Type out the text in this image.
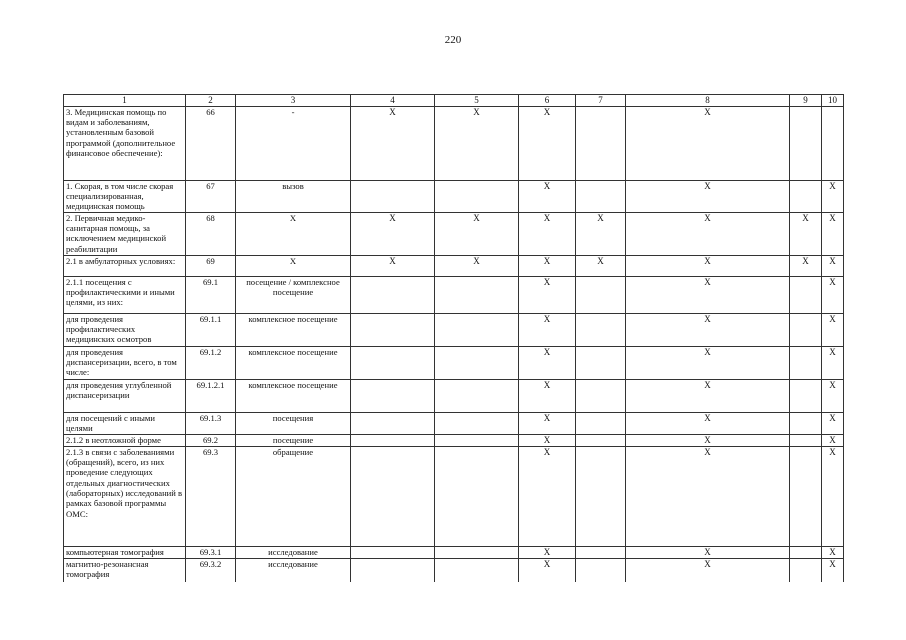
220
1	2	3	4	5	6	7	8	9	10
3. Медицинская помощь по видам и заболеваниям, установленным базовой программой (дополнительное финансовое обеспечение):	66	-	X	X	X		X		
1. Скорая, в том числе скорая специализированная, медицинская помощь	67	вызов			X		X		X
2. Первичная медико-санитарная помощь, за исключением медицинской реабилитации	68	X	X	X	X	X	X	X	X
2.1 в амбулаторных условиях:	69	X	X	X	X	X	X	X	X
2.1.1 посещения с профилактическими и иными целями, из них:	69.1	посещение / комплексное посещение			X		X		X
для проведения профилактических медицинских осмотров	69.1.1	комплексное посещение			X		X		X
для проведения диспансеризации, всего, в том числе:	69.1.2	комплексное посещение			X		X		X
для проведения углубленной диспансеризации	69.1.2.1	комплексное посещение			X		X		X
для посещений с иными целями	69.1.3	посещения			X		X		X
2.1.2 в неотложной форме	69.2	посещение			X		X		X
2.1.3 в связи с заболеваниями (обращений), всего, из них проведение следующих отдельных диагностических (лабораторных) исследований в рамках базовой программы ОМС:	69.3	обращение			X		X		X
компьютерная томография	69.3.1	исследование			X		X		X
магнитно-резонансная томография	69.3.2	исследование			X		X		X
